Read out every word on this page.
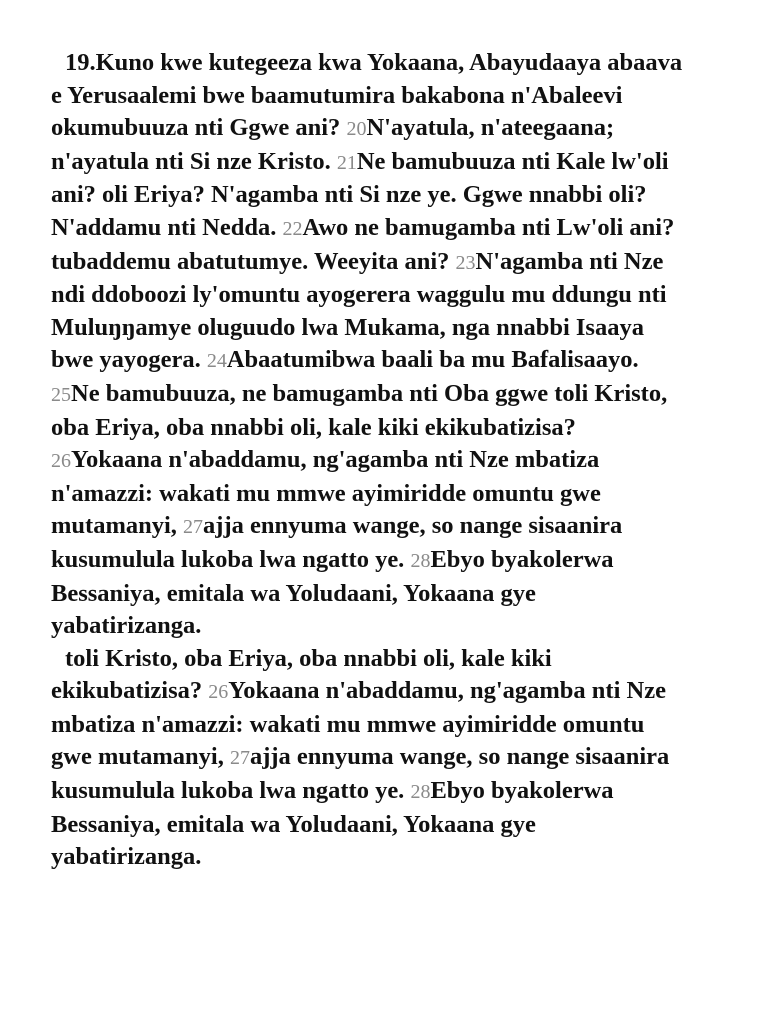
19.Kuno kwe kutegeeza kwa Yokaana, Abayudaaya abaava e Yerusaalemi bwe baamutumira bakabona n'Abaleevi okumubuuza nti Ggwe ani? 20N'ayatula, n'ateegaana; n'ayatula nti Si nze Kristo. 21Ne bamubuuza nti Kale lw'oli ani? oli Eriya? N'agamba nti Si nze ye. Ggwe nnabbi oli? N'addamu nti Nedda. 22Awo ne bamugamba nti Lw'oli ani? tubaddemu abatutumye. Weeyita ani? 23N'agamba nti Nze ndi ddoboozi ly'omuntu ayogerera waggulu mu ddungu nti Muluŋŋamye oluguudo lwa Mukama, nga nnabbi Isaaya bwe yayogera. 24Abaatumibwa baali ba mu Bafalisaayo. 25Ne bamubuuza, ne bamugamba nti Oba ggwe toli Kristo, oba Eriya, oba nnabbi oli, kale kiki ekikubatizisa? 26Yokaana n'abaddamu, ng'agamba nti Nze mbatiza n'amazzi: wakati mu mmwe ayimiridde omuntu gwe mutamanyi, 27ajja ennyuma wange, so nange sisaanira kusumulula lukoba lwa ngatto ye. 28Ebyo byakolerwa Bessaniya, emitala wa Yoludaani, Yokaana gye yabatirizanga.

toli Kristo, oba Eriya, oba nnabbi oli, kale kiki ekikubatizisa? 26Yokaana n'abaddamu, ng'agamba nti Nze mbatiza n'amazzi: wakati mu mmwe ayimiridde omuntu gwe mutamanyi, 27ajja ennyuma wange, so nange sisaanira kusumulula lukoba lwa ngatto ye. 28Ebyo byakolerwa Bessaniya, emitala wa Yoludaani, Yokaana gye yabatirizanga.
